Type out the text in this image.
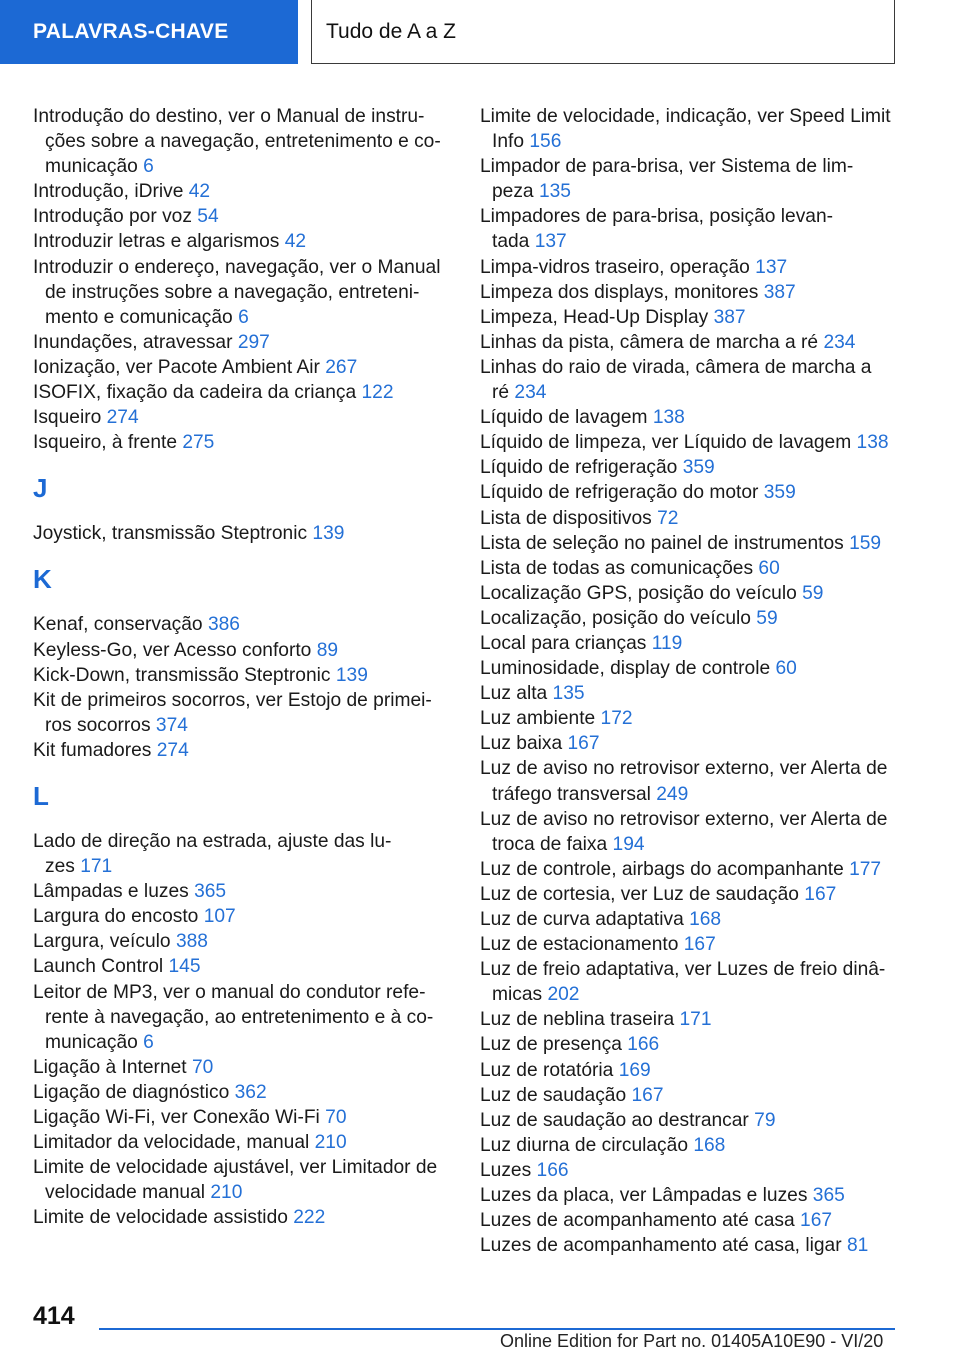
PALAVRAS-CHAVE	Tudo de A a Z
Introdução do destino, ver o Manual de instru-
ções sobre a navegação, entretenimento e co-
municação 6
Introdução, iDrive 42
Introdução por voz 54
Introduzir letras e algarismos 42
Introduzir o endereço, navegação, ver o Manual
de instruções sobre a navegação, entreteni-
mento e comunicação 6
Inundações, atravessar 297
Ionização, ver Pacote Ambient Air 267
ISOFIX, fixação da cadeira da criança 122
Isqueiro 274
Isqueiro, à frente 275
J
Joystick, transmissão Steptronic 139
K
Kenaf, conservação 386
Keyless-Go, ver Acesso conforto 89
Kick-Down, transmissão Steptronic 139
Kit de primeiros socorros, ver Estojo de primei-
ros socorros 374
Kit fumadores 274
L
Lado de direção na estrada, ajuste das lu-
zes 171
Lâmpadas e luzes 365
Largura do encosto 107
Largura, veículo 388
Launch Control 145
Leitor de MP3, ver o manual do condutor refe-
rente à navegação, ao entretenimento e à co-
municação 6
Ligação à Internet 70
Ligação de diagnóstico 362
Ligação Wi-Fi, ver Conexão Wi-Fi 70
Limitador da velocidade, manual 210
Limite de velocidade ajustável, ver Limitador de
velocidade manual 210
Limite de velocidade assistido 222
Limite de velocidade, indicação, ver Speed Limit
Info 156
Limpador de para-brisa, ver Sistema de lim-
peza 135
Limpadores de para-brisa, posição levan-
tada 137
Limpa-vidros traseiro, operação 137
Limpeza dos displays, monitores 387
Limpeza, Head-Up Display 387
Linhas da pista, câmera de marcha a ré 234
Linhas do raio de virada, câmera de marcha a
ré 234
Líquido de lavagem 138
Líquido de limpeza, ver Líquido de lavagem 138
Líquido de refrigeração 359
Líquido de refrigeração do motor 359
Lista de dispositivos 72
Lista de seleção no painel de instrumentos 159
Lista de todas as comunicações 60
Localização GPS, posição do veículo 59
Localização, posição do veículo 59
Local para crianças 119
Luminosidade, display de controle 60
Luz alta 135
Luz ambiente 172
Luz baixa 167
Luz de aviso no retrovisor externo, ver Alerta de
tráfego transversal 249
Luz de aviso no retrovisor externo, ver Alerta de
troca de faixa 194
Luz de controle, airbags do acompanhante 177
Luz de cortesia, ver Luz de saudação 167
Luz de curva adaptativa 168
Luz de estacionamento 167
Luz de freio adaptativa, ver Luzes de freio dinâ-
micas 202
Luz de neblina traseira 171
Luz de presença 166
Luz de rotatória 169
Luz de saudação 167
Luz de saudação ao destrancar 79
Luz diurna de circulação 168
Luzes 166
Luzes da placa, ver Lâmpadas e luzes 365
Luzes de acompanhamento até casa 167
Luzes de acompanhamento até casa, ligar 81
414
Online Edition for Part no. 01405A10E90 - VI/20
